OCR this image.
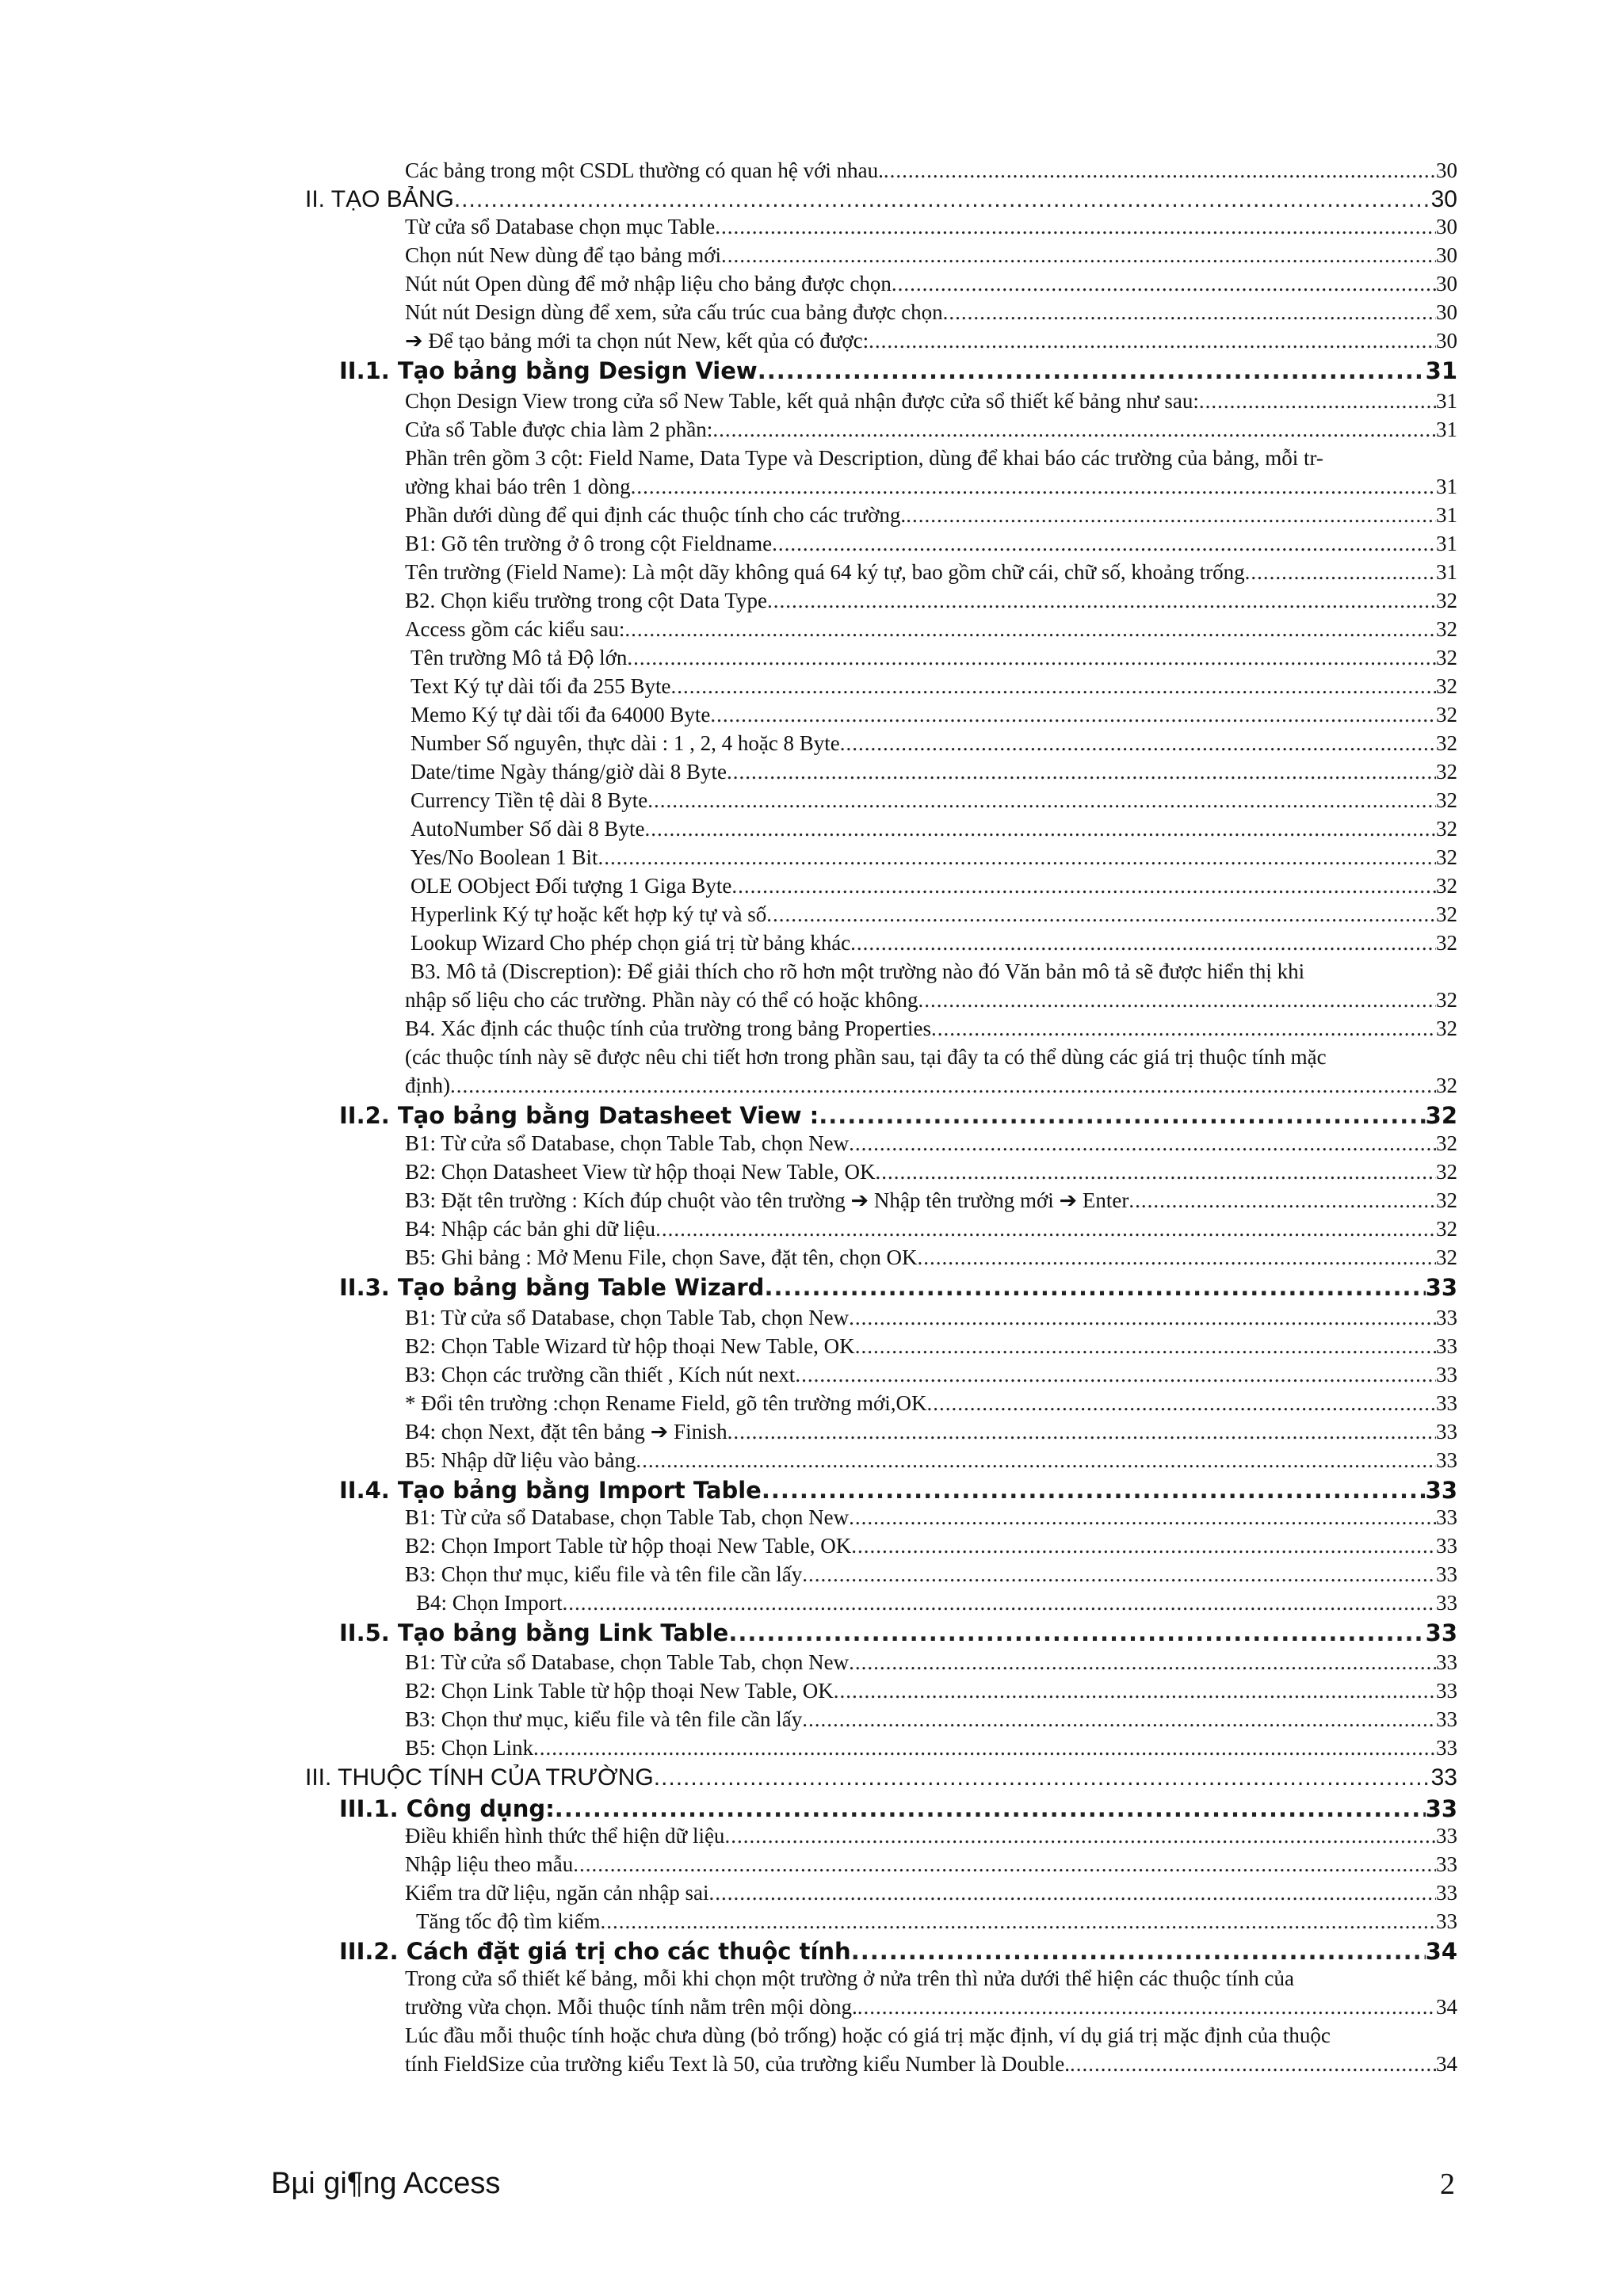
Các bảng trong một CSDL thường có quan hệ với nhau. .....	30
II. TẠO BẢNG .....	30
Từ cửa sổ Database chọn mục Table .....	30
Chọn nút New dùng để tạo bảng mới .....	30
Nút nút Open dùng để mở nhập liệu cho bảng được chọn .....	30
Nút nút Design dùng để xem, sửa cấu trúc cua bảng được chọn .....	30
➔ Để tạo bảng mới ta chọn nút New, kết qủa có được: .....	30
II.1. Tạo bảng bằng Design View .....	31
Chọn Design View trong cửa sổ New Table, kết quả nhận được cửa sổ thiết kế bảng như sau: .....	31
Cửa sổ Table được chia làm 2 phần: .....	31
Phần trên gồm 3 cột: Field Name, Data Type và Description, dùng để khai báo các trường của bảng, mỗi tr-
ường khai báo trên 1 dòng .....	31
Phần dưới dùng để qui định các thuộc tính cho các trường. .....	31
B1: Gõ tên trường ở ô trong cột Fieldname .....	31
Tên trường (Field Name): Là một dãy không quá 64 ký tự, bao gồm chữ cái, chữ số, khoảng trống .....	31
B2. Chọn kiểu trường trong cột Data Type .....	32
Access gồm các kiểu sau: .....	32
Tên trường Mô tả Độ lớn .....	32
Text Ký tự dài tối đa 255 Byte .....	32
Memo Ký tự dài tối đa 64000 Byte .....	32
Number Số nguyên, thực dài : 1 , 2, 4 hoặc 8 Byte .....	32
Date/time Ngày tháng/giờ dài 8 Byte .....	32
Currency Tiền tệ dài 8 Byte .....	32
AutoNumber Số dài 8 Byte .....	32
Yes/No Boolean 1 Bit .....	32
OLE OObject Đối tượng 1 Giga Byte .....	32
Hyperlink Ký tự hoặc kết hợp ký tự và số .....	32
Lookup Wizard Cho phép chọn giá trị từ bảng khác .....	32
B3. Mô tả (Discreption): Để giải thích cho rõ hơn một trường nào đó Văn bản mô tả sẽ được hiển thị khi
nhập số liệu cho các trường. Phần này có thể có hoặc không .....	32
B4. Xác định các thuộc tính của trường trong bảng Properties .....	32
(các thuộc tính này sẽ được nêu chi tiết hơn trong phần sau, tại đây ta có thể dùng các giá trị thuộc tính mặc
định) .....	32
II.2. Tạo bảng bằng Datasheet View : .....	32
B1: Từ cửa sổ Database, chọn Table Tab, chọn New .....	32
B2: Chọn Datasheet View từ hộp thoại New Table, OK .....	32
B3: Đặt tên trường : Kích đúp chuột vào tên trường ➔ Nhập tên trường mới ➔ Enter .....	32
B4: Nhập các bản ghi dữ liệu .....	32
B5: Ghi bảng : Mở Menu File, chọn Save, đặt tên, chọn OK .....	32
II.3. Tạo bảng bằng Table Wizard .....	33
B1: Từ cửa sổ Database, chọn Table Tab, chọn New .....	33
B2: Chọn Table Wizard từ hộp thoại New Table, OK .....	33
B3: Chọn các trường cần thiết , Kích nút next .....	33
* Đổi tên trường :chọn Rename Field, gõ tên trường mới,OK .....	33
B4: chọn Next, đặt tên bảng ➔ Finish .....	33
B5: Nhập dữ liệu vào bảng .....	33
II.4. Tạo bảng bằng Import Table .....	33
B1: Từ cửa sổ Database, chọn Table Tab, chọn New .....	33
B2: Chọn Import Table từ hộp thoại New Table, OK .....	33
B3: Chọn thư mục, kiểu file và tên file cần lấy .....	33
B4: Chọn Import .....	33
II.5. Tạo bảng bằng Link Table .....	33
B1: Từ cửa sổ Database, chọn Table Tab, chọn New .....	33
B2: Chọn Link Table từ hộp thoại New Table, OK .....	33
B3: Chọn thư mục, kiểu file và tên file cần lấy .....	33
B5: Chọn Link .....	33
III. THUỘC TÍNH CỦA TRƯỜNG .....	33
III.1. Công dụng: .....	33
Điều khiển hình thức thể hiện dữ liệu .....	33
Nhập liệu theo mẫu .....	33
Kiểm tra dữ liệu, ngăn cản nhập sai .....	33
Tăng tốc độ tìm kiếm .....	33
III.2. Cách đặt giá trị cho các thuộc tính .....	34
Trong cửa sổ thiết kế bảng, mỗi khi chọn một trường ở nửa trên thì nửa dưới thể hiện các thuộc tính của
trường vừa chọn. Mỗi thuộc tính nằm trên mội dòng. .....	34
Lúc đầu mỗi thuộc tính hoặc chưa dùng (bỏ trống) hoặc có giá trị mặc định, ví dụ giá trị mặc định của thuộc
tính FieldSize của trường kiểu Text là 50, của trường kiểu Number là Double. .....	34
Bµi gi¶ng Access	2
